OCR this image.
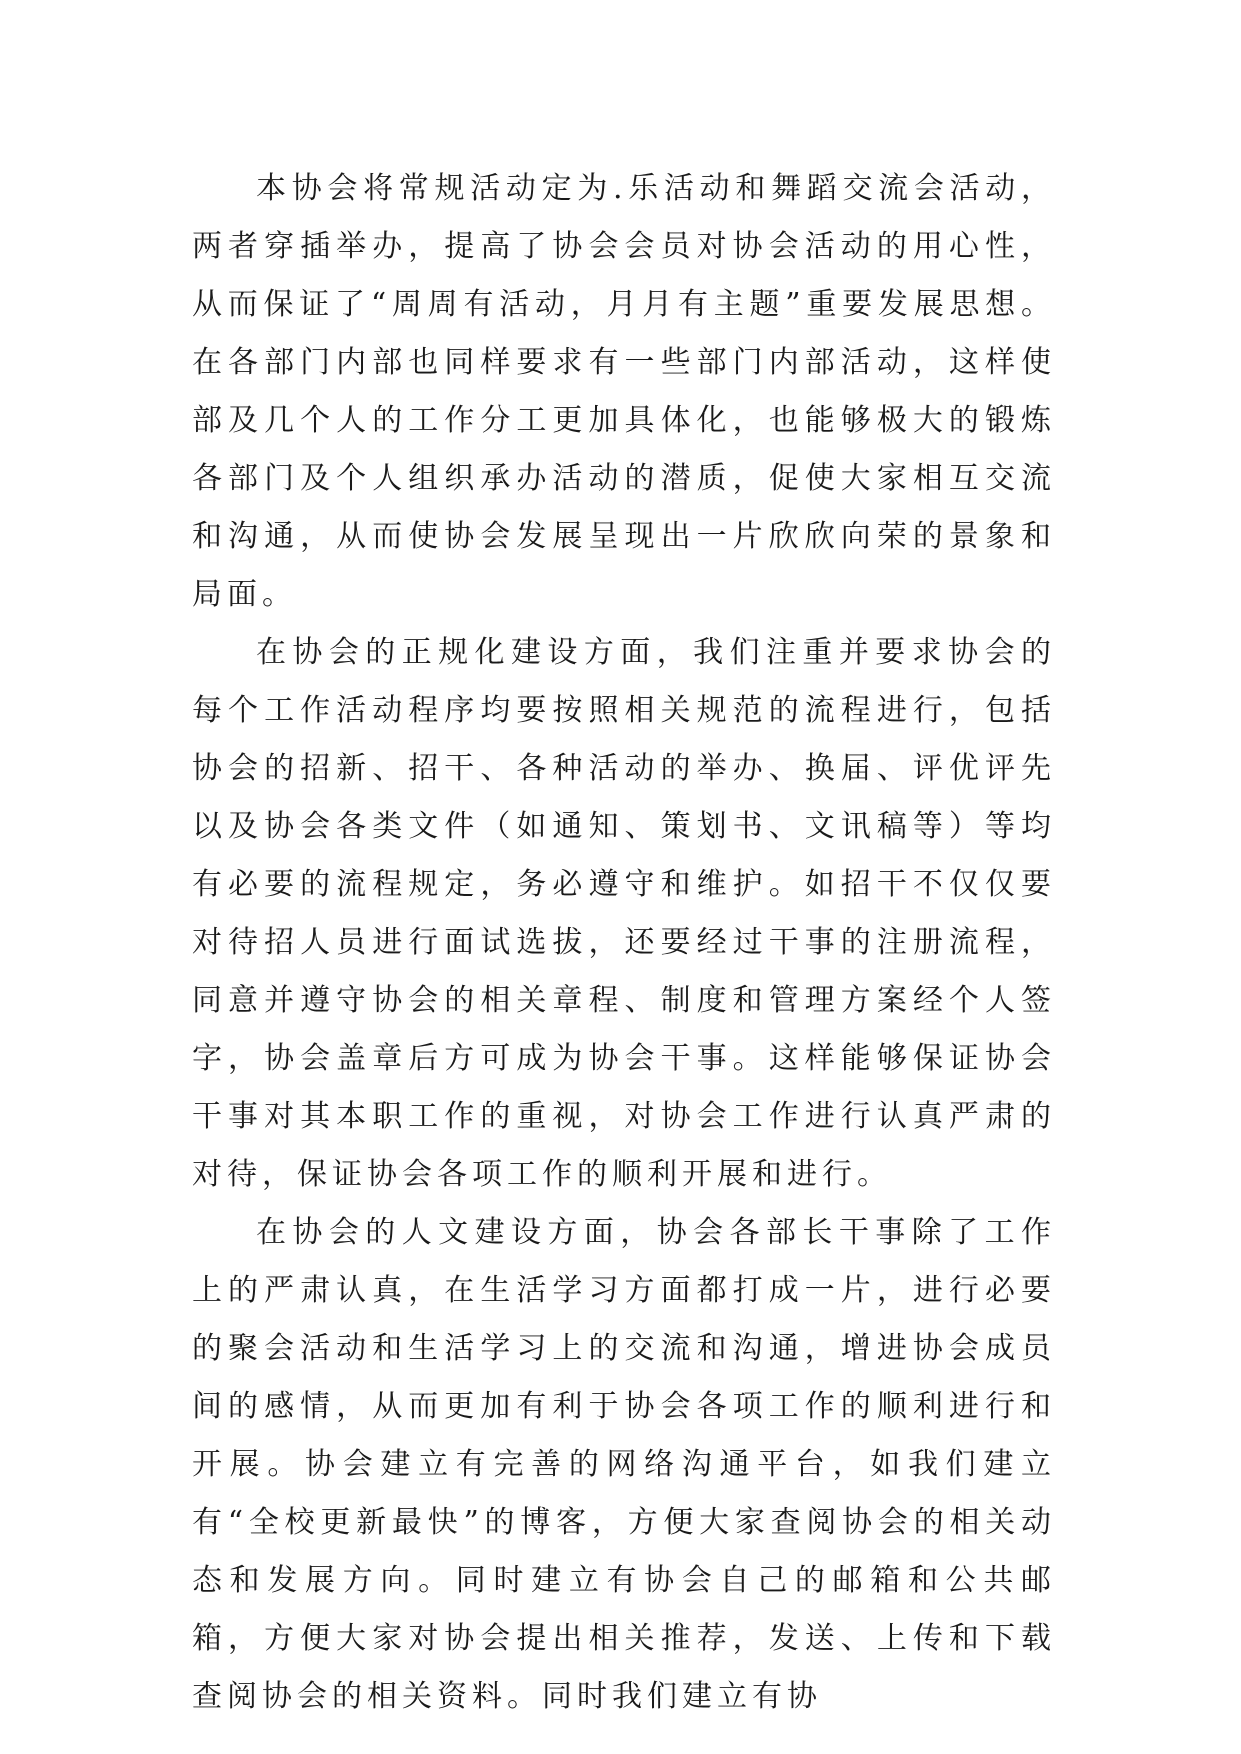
本协会将常规活动定为.乐活动和舞蹈交流会活动，两者穿插举办，提高了协会会员对协会活动的用心性，从而保证了“周周有活动，月月有主题”重要发展思想。在各部门内部也同样要求有一些部门内部活动，这样使部及几个人的工作分工更加具体化，也能够极大的锻炼各部门及个人组织承办活动的潜质，促使大家相互交流和沟通，从而使协会发展呈现出一片欣欣向荣的景象和局面。

在协会的正规化建设方面，我们注重并要求协会的每个工作活动程序均要按照相关规范的流程进行，包括协会的招新、招干、各种活动的举办、换届、评优评先以及协会各类文件（如通知、策划书、文讯稿等）等均有必要的流程规定，务必遵守和维护。如招干不仅仅要对待招人员进行面试选拔，还要经过干事的注册流程，同意并遵守协会的相关章程、制度和管理方案经个人签字，协会盖章后方可成为协会干事。这样能够保证协会干事对其本职工作的重视，对协会工作进行认真严肃的对待，保证协会各项工作的顺利开展和进行。

在协会的人文建设方面，协会各部长干事除了工作上的严肃认真，在生活学习方面都打成一片，进行必要的聚会活动和生活学习上的交流和沟通，增进协会成员间的感情，从而更加有利于协会各项工作的顺利进行和开展。协会建立有完善的网络沟通平台，如我们建立有“全校更新最快”的博客，方便大家查阅协会的相关动态和发展方向。同时建立有协会自己的邮箱和公共邮箱，方便大家对协会提出相关推荐，发送、上传和下载查阅协会的相关资料。同时我们建立有协
